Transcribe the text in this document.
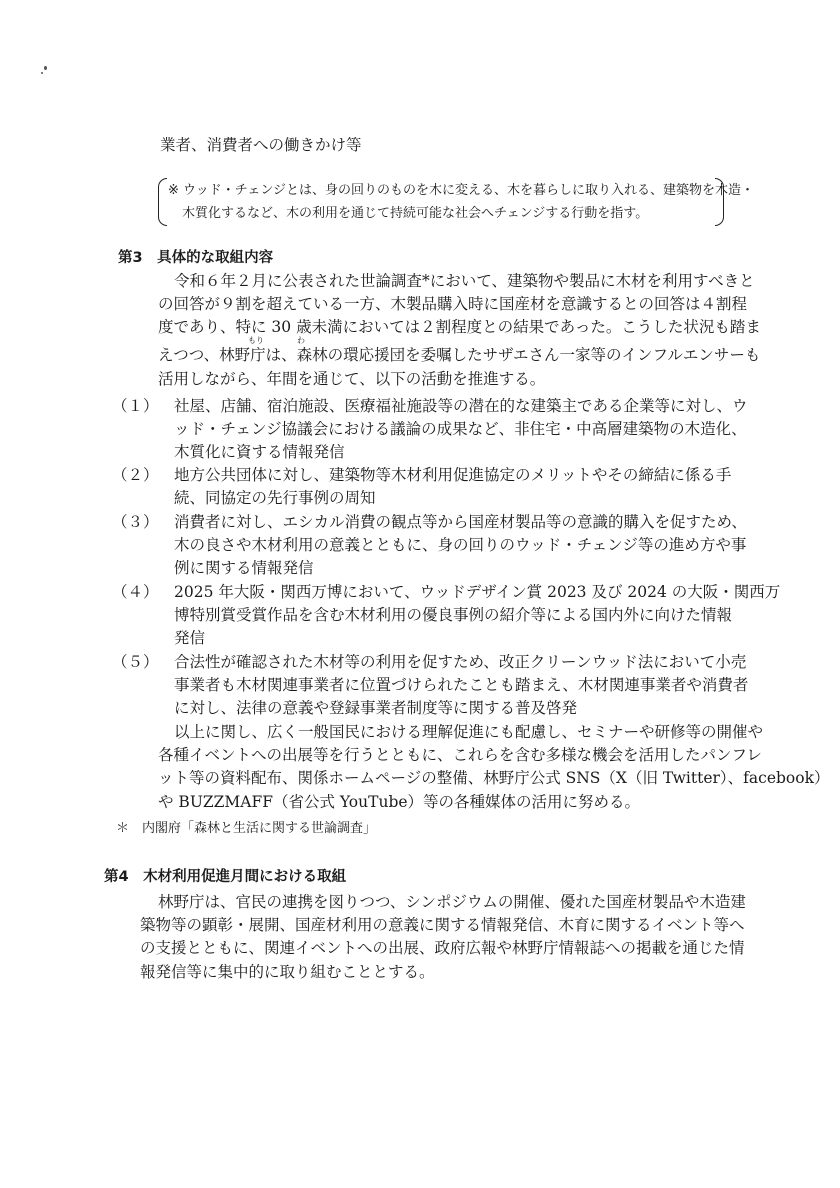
業者、消費者への働きかけ等
※ ウッド・チェンジとは、身の回りのものを木に変える、木を暮らしに取り入れる、建築物を木造・
木質化するなど、木の利用を通じて持続可能な社会へチェンジする行動を指す。
第3　具体的な取組内容
令和６年２月に公表された世論調査*において、建築物や製品に木材を利用すべきと
の回答が９割を超えている一方、木製品購入時に国産材を意識するとの回答は４割程
度であり、特に 30 歳未満においては２割程度との結果であった。こうした状況も踏ま
もり	わ
えつつ、林野庁は、森林の環応援団を委嘱したサザエさん一家等のインフルエンサーも
活用しながら、年間を通じて、以下の活動を推進する。
（１） 社屋、店舗、宿泊施設、医療福祉施設等の潜在的な建築主である企業等に対し、ウ
ッド・チェンジ協議会における議論の成果など、非住宅・中高層建築物の木造化、
木質化に資する情報発信
（２） 地方公共団体に対し、建築物等木材利用促進協定のメリットやその締結に係る手
続、同協定の先行事例の周知
（３） 消費者に対し、エシカル消費の観点等から国産材製品等の意識的購入を促すため、
木の良さや木材利用の意義とともに、身の回りのウッド・チェンジ等の進め方や事
例に関する情報発信
（４） 2025 年大阪・関西万博において、ウッドデザイン賞 2023 及び 2024 の大阪・関西万
博特別賞受賞作品を含む木材利用の優良事例の紹介等による国内外に向けた情報
発信
（５） 合法性が確認された木材等の利用を促すため、改正クリーンウッド法において小売
事業者も木材関連事業者に位置づけられたことも踏まえ、木材関連事業者や消費者
に対し、法律の意義や登録事業者制度等に関する普及啓発
以上に関し、広く一般国民における理解促進にも配慮し、セミナーや研修等の開催や
各種イベントへの出展等を行うとともに、これらを含む多様な機会を活用したパンフレ
ット等の資料配布、関係ホームページの整備、林野庁公式 SNS（X（旧 Twitter）、facebook）
や BUZZMAFF（省公式 YouTube）等の各種媒体の活用に努める。
＊　内閣府「森林と生活に関する世論調査」
第4　木材利用促進月間における取組
林野庁は、官民の連携を図りつつ、シンポジウムの開催、優れた国産材製品や木造建
築物等の顕彰・展開、国産材利用の意義に関する情報発信、木育に関するイベント等へ
の支援とともに、関連イベントへの出展、政府広報や林野庁情報誌への掲載を通じた情
報発信等に集中的に取り組むこととする。
